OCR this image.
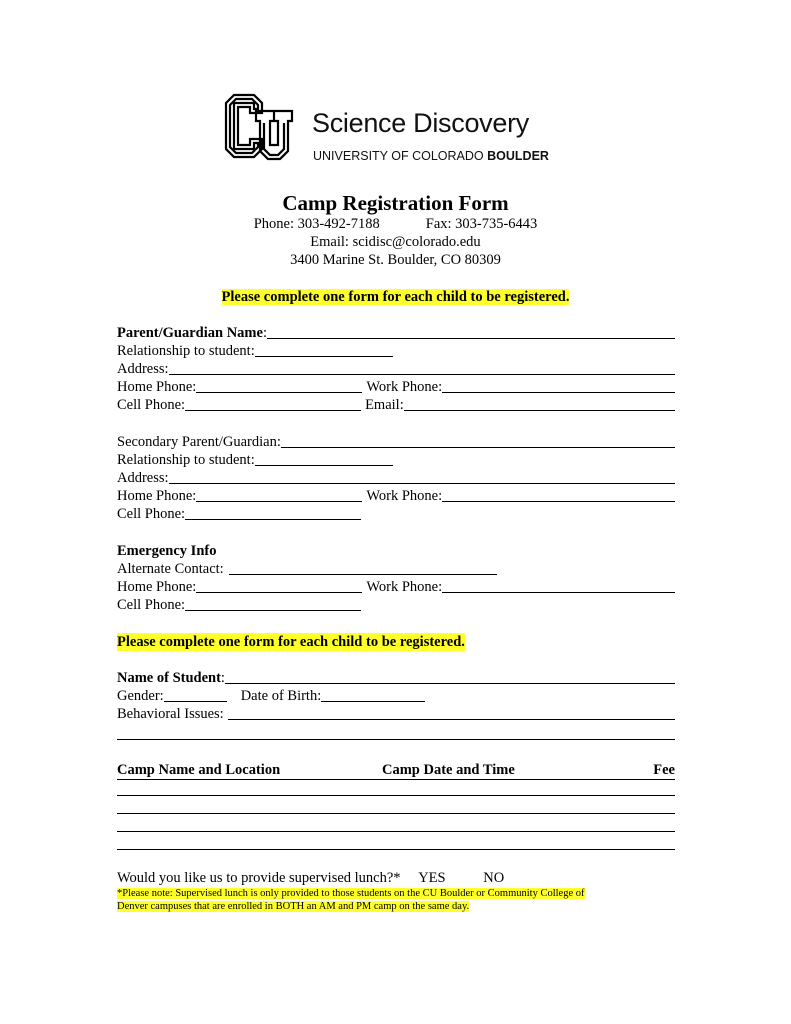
Science Discovery
UNIVERSITY OF COLORADO BOULDER
Camp Registration Form
Phone: 303-492-7188	Fax: 303-735-6443
Email: scidisc@colorado.edu
3400 Marine St. Boulder, CO 80309
Please complete one form for each child to be registered.
Parent/Guardian Name :
Relationship to student:
Address:
Home Phone:	Work Phone:
Cell Phone:	Email:
Secondary Parent/Guardian:
Relationship to student:
Address:
Home Phone:	Work Phone:
Cell Phone:
Emergency Info
Alternate Contact:
Home Phone:	Work Phone:
Cell Phone:
Please complete one form for each child to be registered.
Name of Student :
Gender:	Date of Birth:
Behavioral Issues:
Camp Name and Location	Camp Date and Time	Fee
Would you like us to provide supervised lunch?* YES	NO
*Please note: Supervised lunch is only provided to those students on the CU Boulder or Community College of
Denver campuses that are enrolled in BOTH an AM and PM camp on the same day.
